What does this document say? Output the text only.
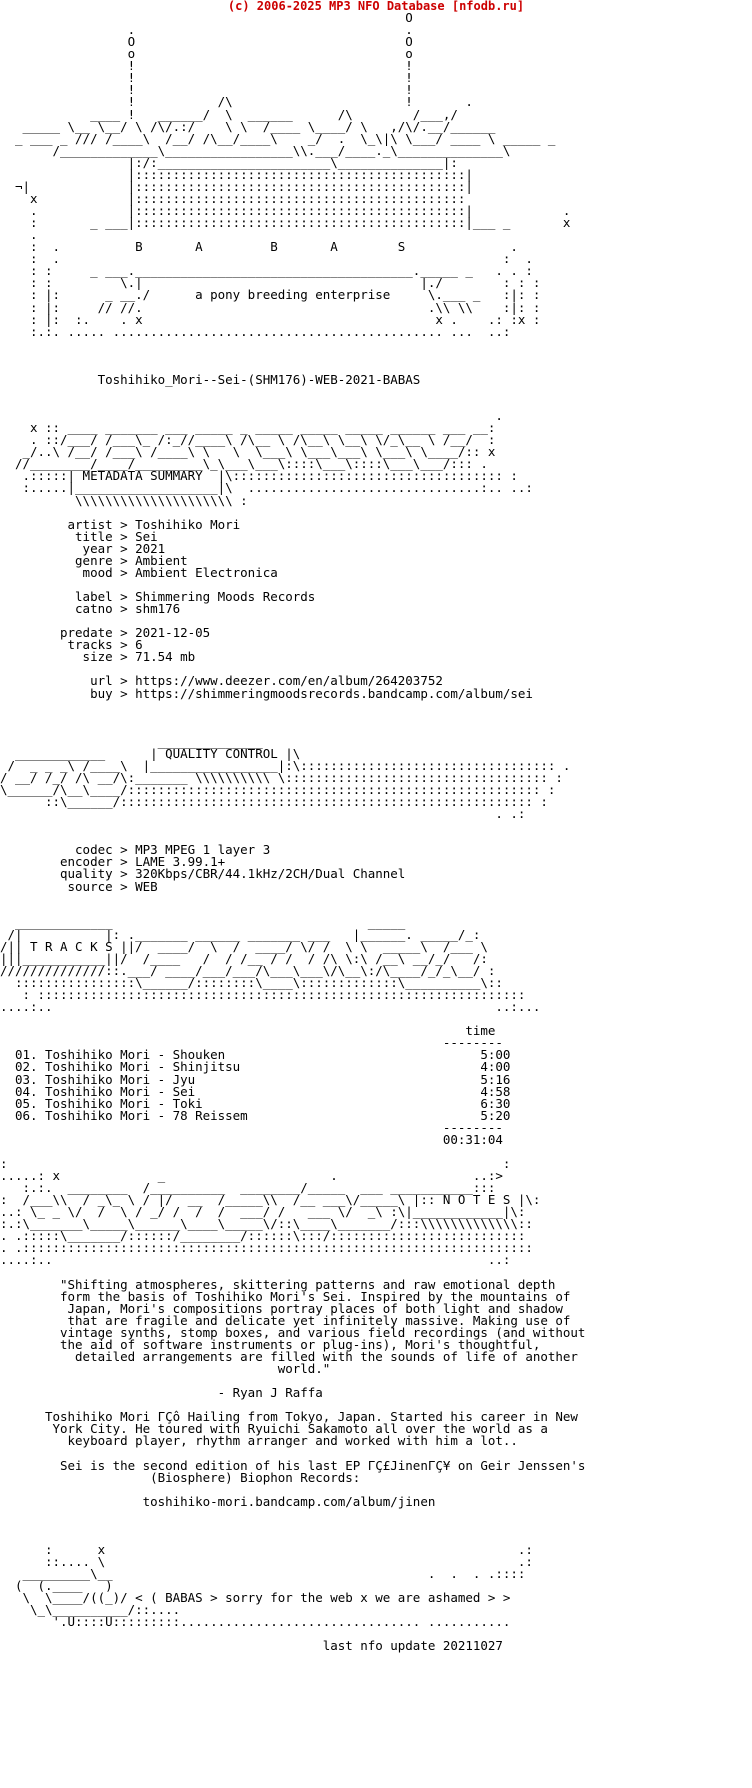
(c) 2006-2025 MP3 NFO Database [nfodb.ru]
O
.                                    .
O                                    O
o                                    o
!                                    !
!                                    !
!                                    !
!           /\                       !       .
____ !   ______/  \  ______      /\        /___,/
_____ \__ \__/ \ /\/.:/    \ \  /____ \____/ \   ,/\/.__/______
_ ___ _ /// /____\  /__/ /\__/____\    _/  .  \_\|\ \___/ ____ \ _____ _
/_____________\_________________\\.___/____._\______________\
|:/:_______________________\______________|:
|::::::::::::::::::::::::::::::::::::::::::::|
¬|             |::::::::::::::::::::::::::::::::::::::::::::|
x            |::::::::::::::::::::::::::::::::::::::::::::
.            |::::::::::::::::::::::::::::::::::::::::::::|            .
:       _ ___|::::::::::::::::::::::::::::::::::::::::::::|___ _       x
.
:  .          B       A         B       A        S              .
:  .                                                           :  .
: :     _ ___._____________________________________._____ _   . . :
: :         \.|                                     |./        : : :
: |:      _ __./      a pony breeding enterprise     \.___ _   :|: :
: |:     // //.                                      .\\ \\    :|: :
: |:  :.    . x                                       x .    .: :x :
:.:. ..... ............................................ ...  ..:

Toshihiko_Mori--Sei-(SHM176)-WEB-2021-BABAS

.
x :: ____ _______ ___ _____ _ _____ _____ _____ ______ ___ __:
. ::/___/ /___\_ /:_//____\ /\__ \ /\__\ \__\ \/_\__ \ /__/  :
_/..\ /__/ /___\ /____\ \   \  \___\ \___\___\ \___\ \____/:: x
//________/____/_________\_\___\___\::::\___\::::\___\___/::: .
.:::::| METADATA SUMMARY  |\:::::::::::::::::::::::::::::::::::: :
:.....|___________________|\  ...............................:.. ..:
\\\\\\\\\\\\\\\\\\\\\ :

artist > Toshihiko Mori
title > Sei
year > 2021
genre > Ambient
mood > Ambient Electronica

label > Shimmering Moods Records
catno > shm176

predate > 2021-12-05
tracks > 6
size > 71.54 mb

url > https://www.deezer.com/en/album/264203752
buy > https://shimmeringmoodsrecords.bandcamp.com/album/sei

______________
____________      | QUALITY CONTROL |\
/  _ _ _\ /____\  |_________________|:\:::::::::::::::::::::::::::::::::: .
/ __/ /_/ /\ __/\:_______ \\\\\\\\\\ \::::::::::::::::::::::::::::::::::: :
\______/\__\____/::::::::::::::::::::::::::::::::::::::::::::::::::::::: :
::\______/::::::::::::::::::::::::::::::::::::::::::::::::::::::: :
. .:

codec > MP3 MPEG 1 layer 3
encoder > LAME 3.99.1+
quality > 320Kbps/CBR/44.1kHz/2CH/Dual Channel
source > WEB

_____________                                  _____
/|           |: ._______ ______ _______ ___   |______. _____/_:
/|| T R A C K S ||/  ____/  \  /  ____/ \/ /  \ \  _____\  /___ \
|||___________||/  /____   /  / /__ / /  / /\ \:\ /__\ __/_/   /:
//////////////::.___/ ____/___/___/\___\___\/\__\:/\____/_/_\__/ :
::::::::::::::::\______/::::::::\____\:::::::::::::\__________\::
: :::::::::::::::::::::::::::::::::::::::::::::::::::::::::::::::::
....:..                                                           ..:...

time
--------
01. Toshihiko Mori - Shouken                                  5:00
02. Toshihiko Mori - Shinjitsu                                4:00
03. Toshihiko Mori - Jyu                                      5:16
04. Toshihiko Mori - Sei                                      4:58
05. Toshihiko Mori - Toki                                     6:30
06. Toshihiko Mori - 78 Reissem                               5:20
--------
00:31:04

:                                                                  :
.....: x             _                      .                  ..:>
:.:.  ________  /__________  ________/_____  ___ ___________:::
:  /___\\  / _\_ \ / |/  __  /_____\\  /__ ___\/_____\ |:: N O T E S |\:
..: \_ _ \/  /  \ / _/ /  /  /  ___/ /   ___ \/  _\ :\|____________|\:
:.:\_______\_____\______\____\_____\/::\____\_______/:::\\\\\\\\\\\\\::
. .:::::\_______/::::::/________/::::::\:::/::::::::::::::::::::::::::
. .::::::::::::::::::::::::::::::::::::::::::::::::::::::::::::::::::::
....:..                                                          ..:

"Shifting atmospheres, skittering patterns and raw emotional depth
form the basis of Toshihiko Mori's Sei. Inspired by the mountains of
Japan, Mori's compositions portray places of both light and shadow
that are fragile and delicate yet infinitely massive. Making use of
vintage synths, stomp boxes, and various field recordings (and without
the aid of software instruments or plug-ins), Mori's thoughtful,
detailed arrangements are filled with the sounds of life of another
world."

- Ryan J Raffa

Toshihiko Mori ΓÇô Hailing from Tokyo, Japan. Started his career in New
York City. He toured with Ryuichi Sakamoto all over the world as a
keyboard player, rhythm arranger and worked with him a lot..

Sei is the second edition of his last EP ΓÇ£JinenΓÇ¥ on Geir Jenssen's
(Biosphere) Biophon Records:

toshihiko-mori.bandcamp.com/album/jinen

:      x                                                       .:
::.... \                                                       .:
_________\__                                          .  .  . .::::
(  (.____   )
\  \____/((_)/ < ( BABAS > sorry for the web x we are ashamed > >
\_\__________/::....
'.U::::U:::::::::................................ ...........

last nfo update 20211027
